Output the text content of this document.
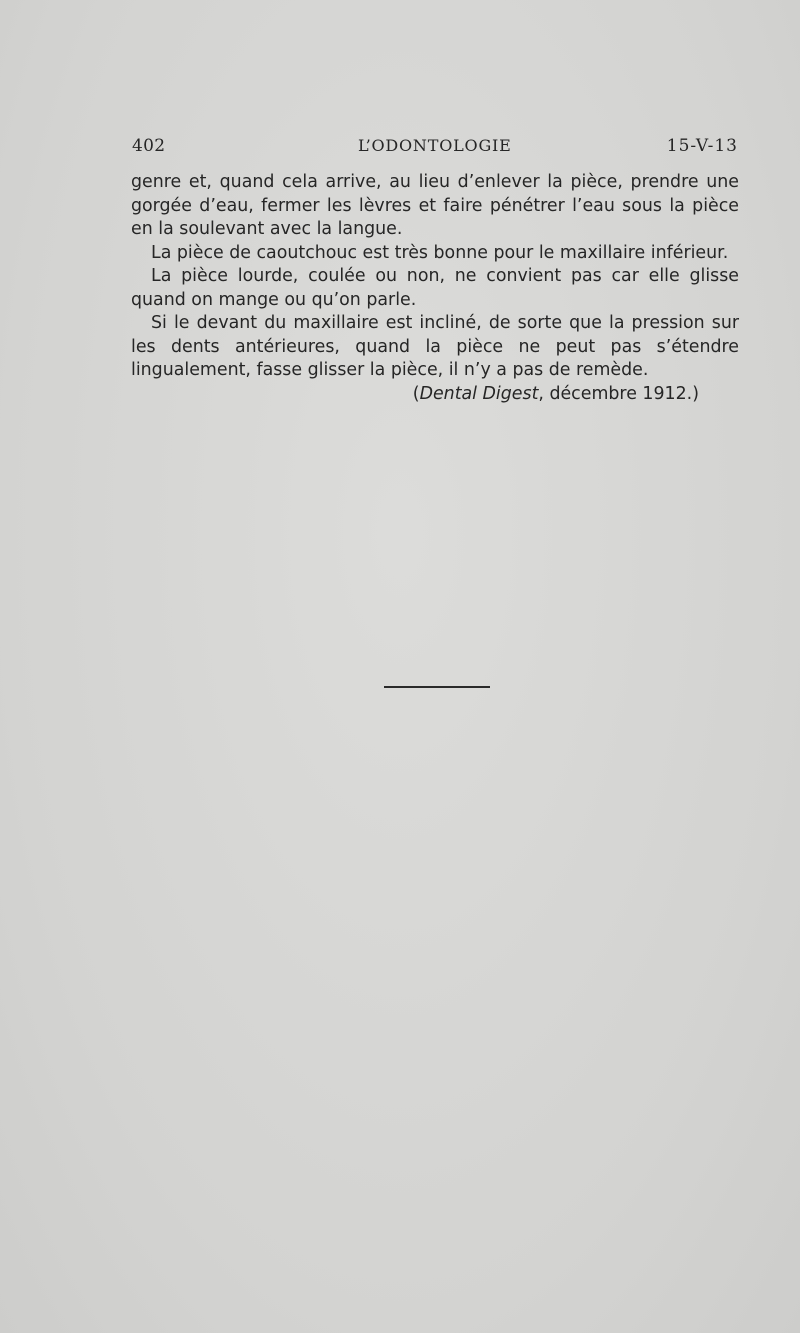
402	L’ODONTOLOGIE	15-V-13

genre et, quand cela arrive, au lieu d’enlever la pièce, prendre une gorgée d’eau, fermer les lèvres et faire pénétrer l’eau sous la pièce en la soulevant avec la langue.

La pièce de caoutchouc est très bonne pour le maxillaire inférieur.

La pièce lourde, coulée ou non, ne convient pas car elle glisse quand on mange ou qu’on parle.

Si le devant du maxillaire est incliné, de sorte que la pression sur les dents antérieures, quand la pièce ne peut pas s’étendre lingualement, fasse glisser la pièce, il n’y a pas de remède.

(Dental Digest, décembre 1912.)
